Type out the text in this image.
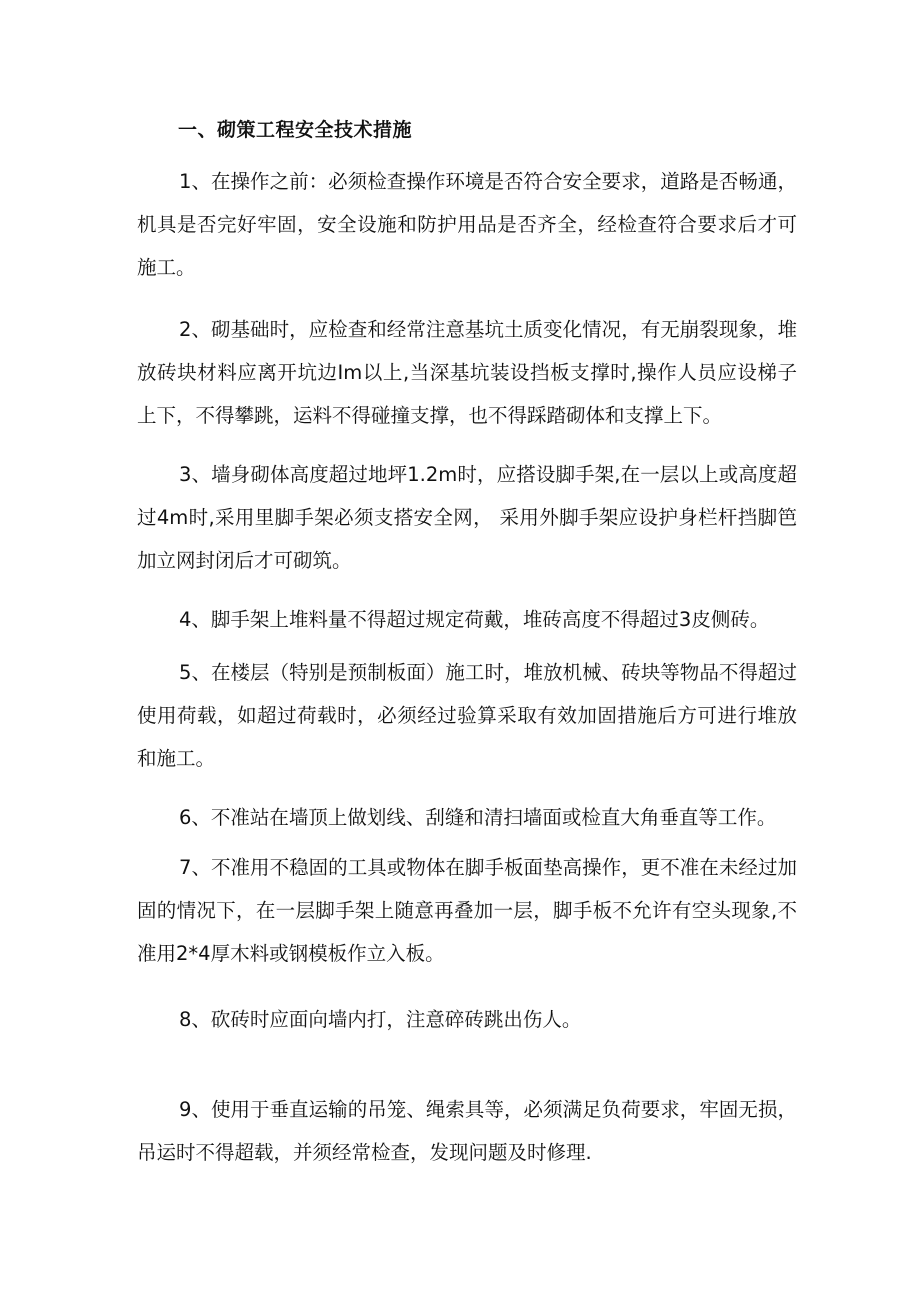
一、砌策工程安全技术措施

1、在操作之前：必须检查操作环境是否符合安全要求，道路是否畅通，机具是否完好牢固，安全设施和防护用品是否齐全，经检查符合要求后才可施工。

2、砌基础时，应检查和经常注意基坑土质变化情况，有无崩裂现象，堆放砖块材料应离开坑边Im以上,当深基坑装设挡板支撑时,操作人员应设梯子上下，不得攀跳，运料不得碰撞支撑，也不得踩踏砌体和支撑上下。

3、墙身砌体高度超过地坪1.2m时，应搭设脚手架,在一层以上或高度超过4m时,采用里脚手架必须支搭安全网， 采用外脚手架应设护身栏杆挡脚笆加立网封闭后才可砌筑。

4、脚手架上堆料量不得超过规定荷戴，堆砖高度不得超过3皮侧砖。

5、在楼层（特别是预制板面）施工时，堆放机械、砖块等物品不得超过使用荷载，如超过荷载时，必须经过验算采取有效加固措施后方可进行堆放和施工。

6、不准站在墙顶上做划线、刮缝和清扫墙面或检直大角垂直等工作。

7、不准用不稳固的工具或物体在脚手板面垫高操作，更不准在未经过加固的情况下，在一层脚手架上随意再叠加一层，脚手板不允许有空头现象,不准用2*4厚木料或钢模板作立入板。

8、砍砖时应面向墙内打，注意碎砖跳出伤人。

9、使用于垂直运输的吊笼、绳索具等，必须满足负荷要求，牢固无损，吊运时不得超载，并须经常检查，发现问题及时修理.
